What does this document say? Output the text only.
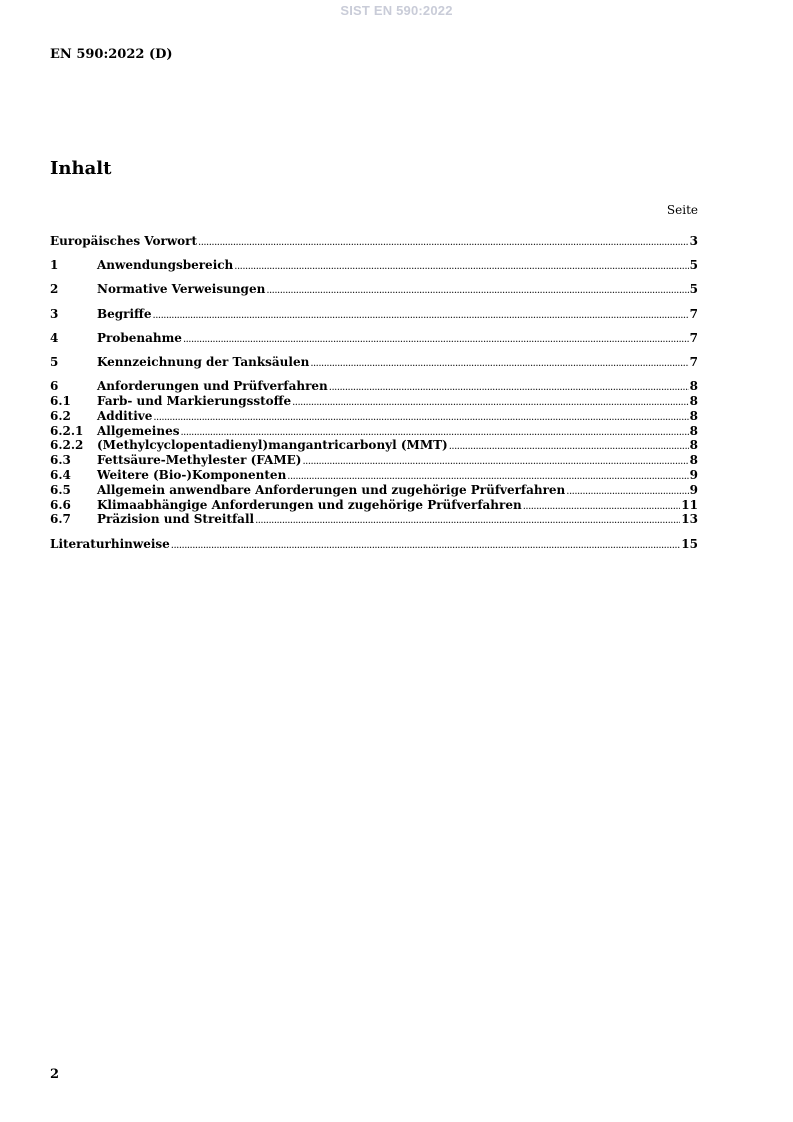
SIST EN 590:2022
EN 590:2022 (D)
Inhalt
Seite
Europäisches Vorwort .....	3
1	Anwendungsbereich .....	5
2	Normative Verweisungen .....	5
3	Begriffe .....	7
4	Probenahme .....	7
5	Kennzeichnung der Tanksäulen .....	7
6	Anforderungen und Prüfverfahren .....	8
6.1	Farb- und Markierungsstoffe .....	8
6.2	Additive .....	8
6.2.1	Allgemeines .....	8
6.2.2	(Methylcyclopentadienyl)mangantricarbonyl (MMT) .....	8
6.3	Fettsäure-Methylester (FAME) .....	8
6.4	Weitere (Bio-)Komponenten .....	9
6.5	Allgemein anwendbare Anforderungen und zugehörige Prüfverfahren .....	9
6.6	Klimaabhängige Anforderungen und zugehörige Prüfverfahren .....	11
6.7	Präzision und Streitfall .....	13
Literaturhinweise .....	15
2
